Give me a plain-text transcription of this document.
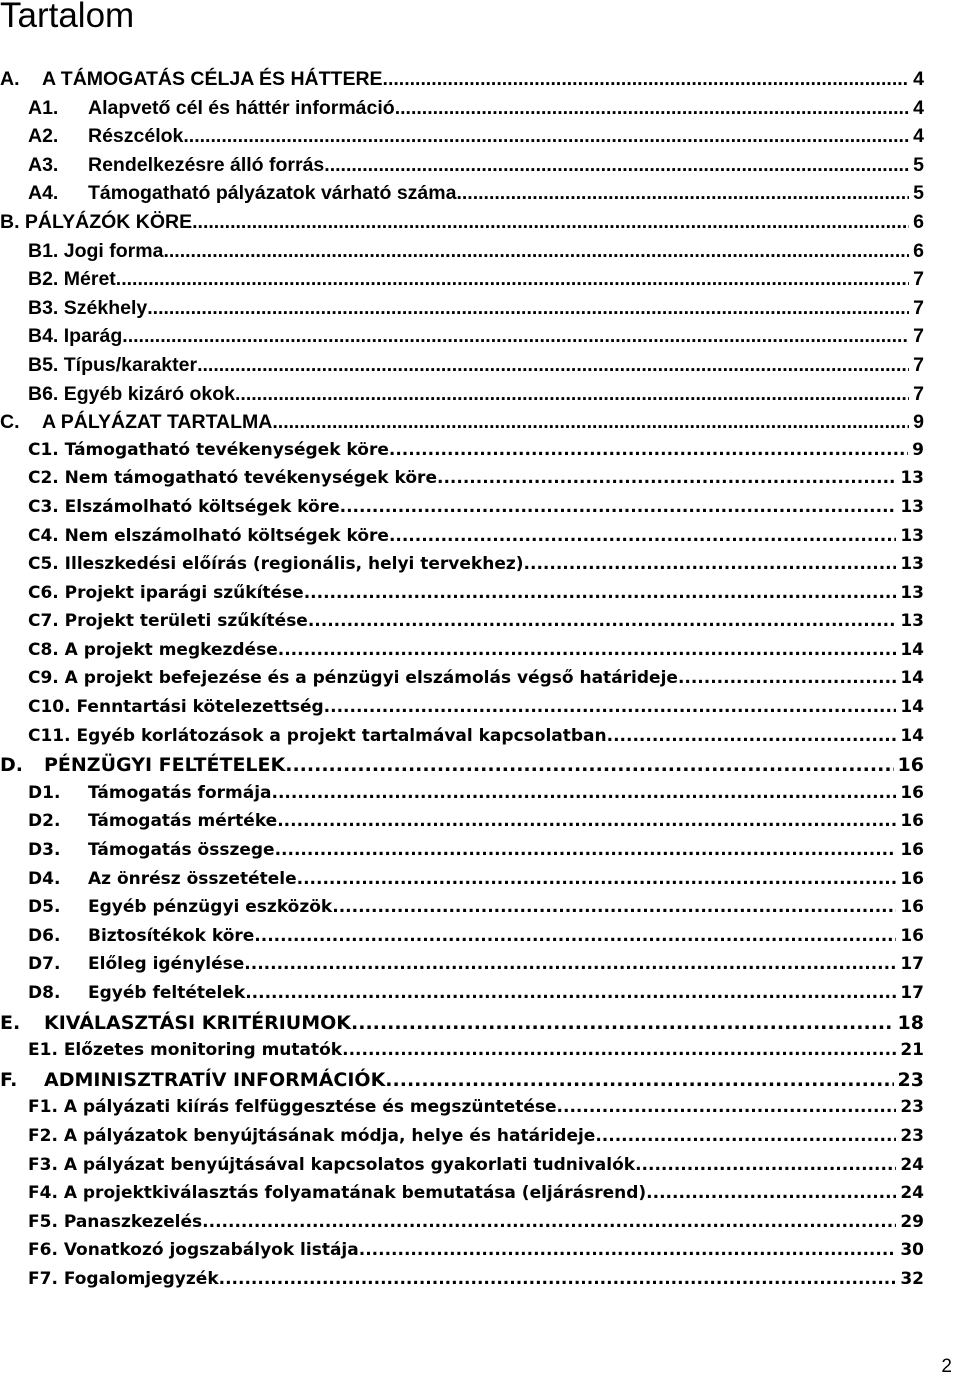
Tartalom
A.	A TÁMOGATÁS CÉLJA ÉS HÁTTERE .....	4
A1.	Alapvető cél és háttér információ .....	4
A2.	Részcélok .....	4
A3.	Rendelkezésre álló forrás .....	5
A4.	Támogatható pályázatok várható száma .....	5
B. PÁLYÁZÓK KÖRE .....	6
B1. Jogi forma .....	6
B2. Méret .....	7
B3. Székhely .....	7
B4. Iparág .....	7
B5. Típus/karakter .....	7
B6. Egyéb kizáró okok .....	7
C.	A PÁLYÁZAT TARTALMA .....	9
C1. Támogatható tevékenységek köre .....	9
C2. Nem támogatható tevékenységek köre .....	13
C3. Elszámolható költségek köre .....	13
C4. Nem elszámolható költségek köre .....	13
C5. Illeszkedési előírás (regionális, helyi tervekhez) .....	13
C6. Projekt iparági szűkítése .....	13
C7. Projekt területi szűkítése .....	13
C8. A projekt megkezdése .....	14
C9. A projekt befejezése és a pénzügyi elszámolás végső határideje .....	14
C10. Fenntartási kötelezettség .....	14
C11. Egyéb korlátozások a projekt tartalmával kapcsolatban .....	14
D.	PÉNZÜGYI FELTÉTELEK .....	16
D1.	Támogatás formája .....	16
D2.	Támogatás mértéke .....	16
D3.	Támogatás összege .....	16
D4.	Az önrész összetétele .....	16
D5.	Egyéb pénzügyi eszközök .....	16
D6.	Biztosítékok köre .....	16
D7.	Előleg igénylése .....	17
D8.	Egyéb feltételek .....	17
E.	KIVÁLASZTÁSI KRITÉRIUMOK .....	18
E1. Előzetes monitoring mutatók .....	21
F.	ADMINISZTRATÍV INFORMÁCIÓK .....	23
F1. A pályázati kiírás felfüggesztése és megszüntetése .....	23
F2. A pályázatok benyújtásának módja, helye és határideje .....	23
F3. A pályázat benyújtásával kapcsolatos gyakorlati tudnivalók .....	24
F4. A projektkiválasztás folyamatának bemutatása (eljárásrend) .....	24
F5. Panaszkezelés .....	29
F6. Vonatkozó jogszabályok listája .....	30
F7. Fogalomjegyzék .....	32
2
